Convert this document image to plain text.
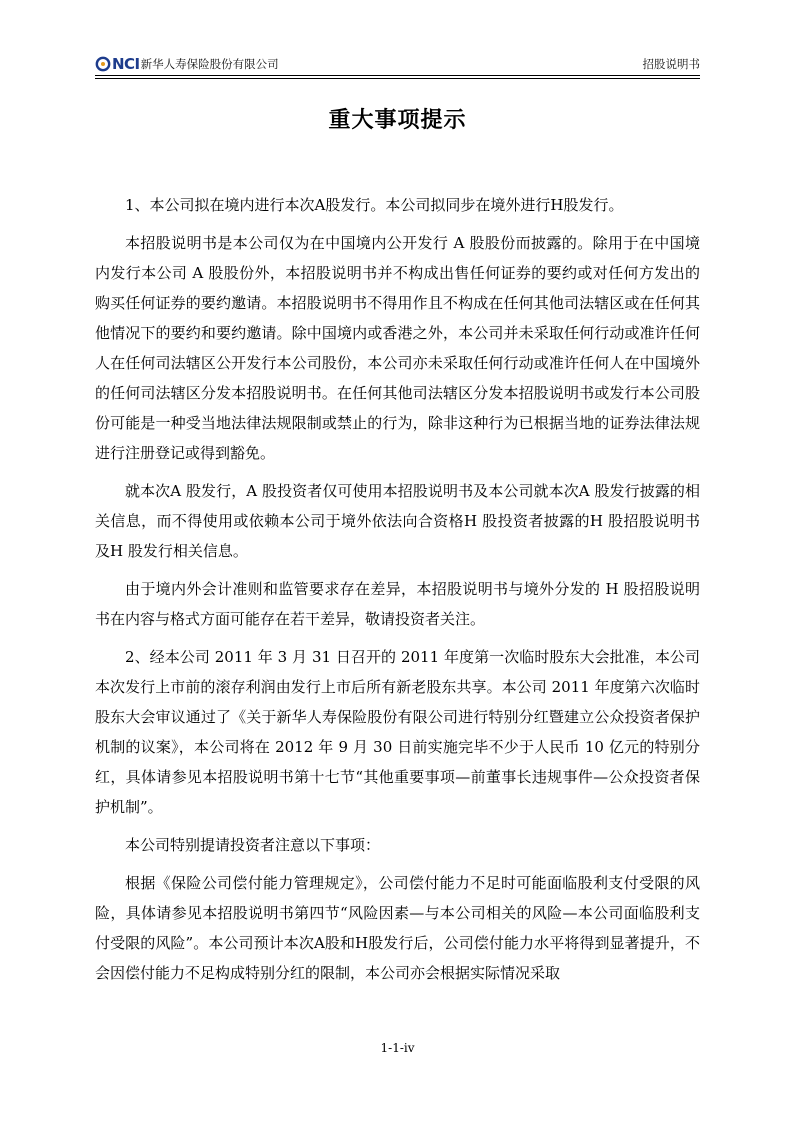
NCI 新华人寿保险股份有限公司	招股说明书
重大事项提示

1、本公司拟在境内进行本次A股发行。本公司拟同步在境外进行H股发行。

本招股说明书是本公司仅为在中国境内公开发行 A 股股份而披露的。除用于在中国境内发行本公司 A 股股份外，本招股说明书并不构成出售任何证券的要约或对任何方发出的购买任何证券的要约邀请。本招股说明书不得用作且不构成在任何其他司法辖区或在任何其他情况下的要约和要约邀请。除中国境内或香港之外，本公司并未采取任何行动或准许任何人在任何司法辖区公开发行本公司股份，本公司亦未采取任何行动或准许任何人在中国境外的任何司法辖区分发本招股说明书。在任何其他司法辖区分发本招股说明书或发行本公司股份可能是一种受当地法律法规限制或禁止的行为，除非这种行为已根据当地的证券法律法规进行注册登记或得到豁免。

就本次A 股发行，A 股投资者仅可使用本招股说明书及本公司就本次A 股发行披露的相关信息，而不得使用或依赖本公司于境外依法向合资格H 股投资者披露的H 股招股说明书及H 股发行相关信息。

由于境内外会计准则和监管要求存在差异，本招股说明书与境外分发的 H 股招股说明书在内容与格式方面可能存在若干差异，敬请投资者关注。

2、经本公司 2011 年 3 月 31 日召开的 2011 年度第一次临时股东大会批准，本公司本次发行上市前的滚存利润由发行上市后所有新老股东共享。本公司 2011 年度第六次临时股东大会审议通过了《关于新华人寿保险股份有限公司进行特别分红暨建立公众投资者保护机制的议案》，本公司将在 2012 年 9 月 30 日前实施完毕不少于人民币 10 亿元的特别分红，具体请参见本招股说明书第十七节“其他重要事项—前董事长违规事件—公众投资者保护机制”。

本公司特别提请投资者注意以下事项：

根据《保险公司偿付能力管理规定》，公司偿付能力不足时可能面临股利支付受限的风险，具体请参见本招股说明书第四节“风险因素—与本公司相关的风险—本公司面临股利支付受限的风险”。本公司预计本次A股和H股发行后，公司偿付能力水平将得到显著提升，不会因偿付能力不足构成特别分红的限制，本公司亦会根据实际情况采取

1-1-iv
